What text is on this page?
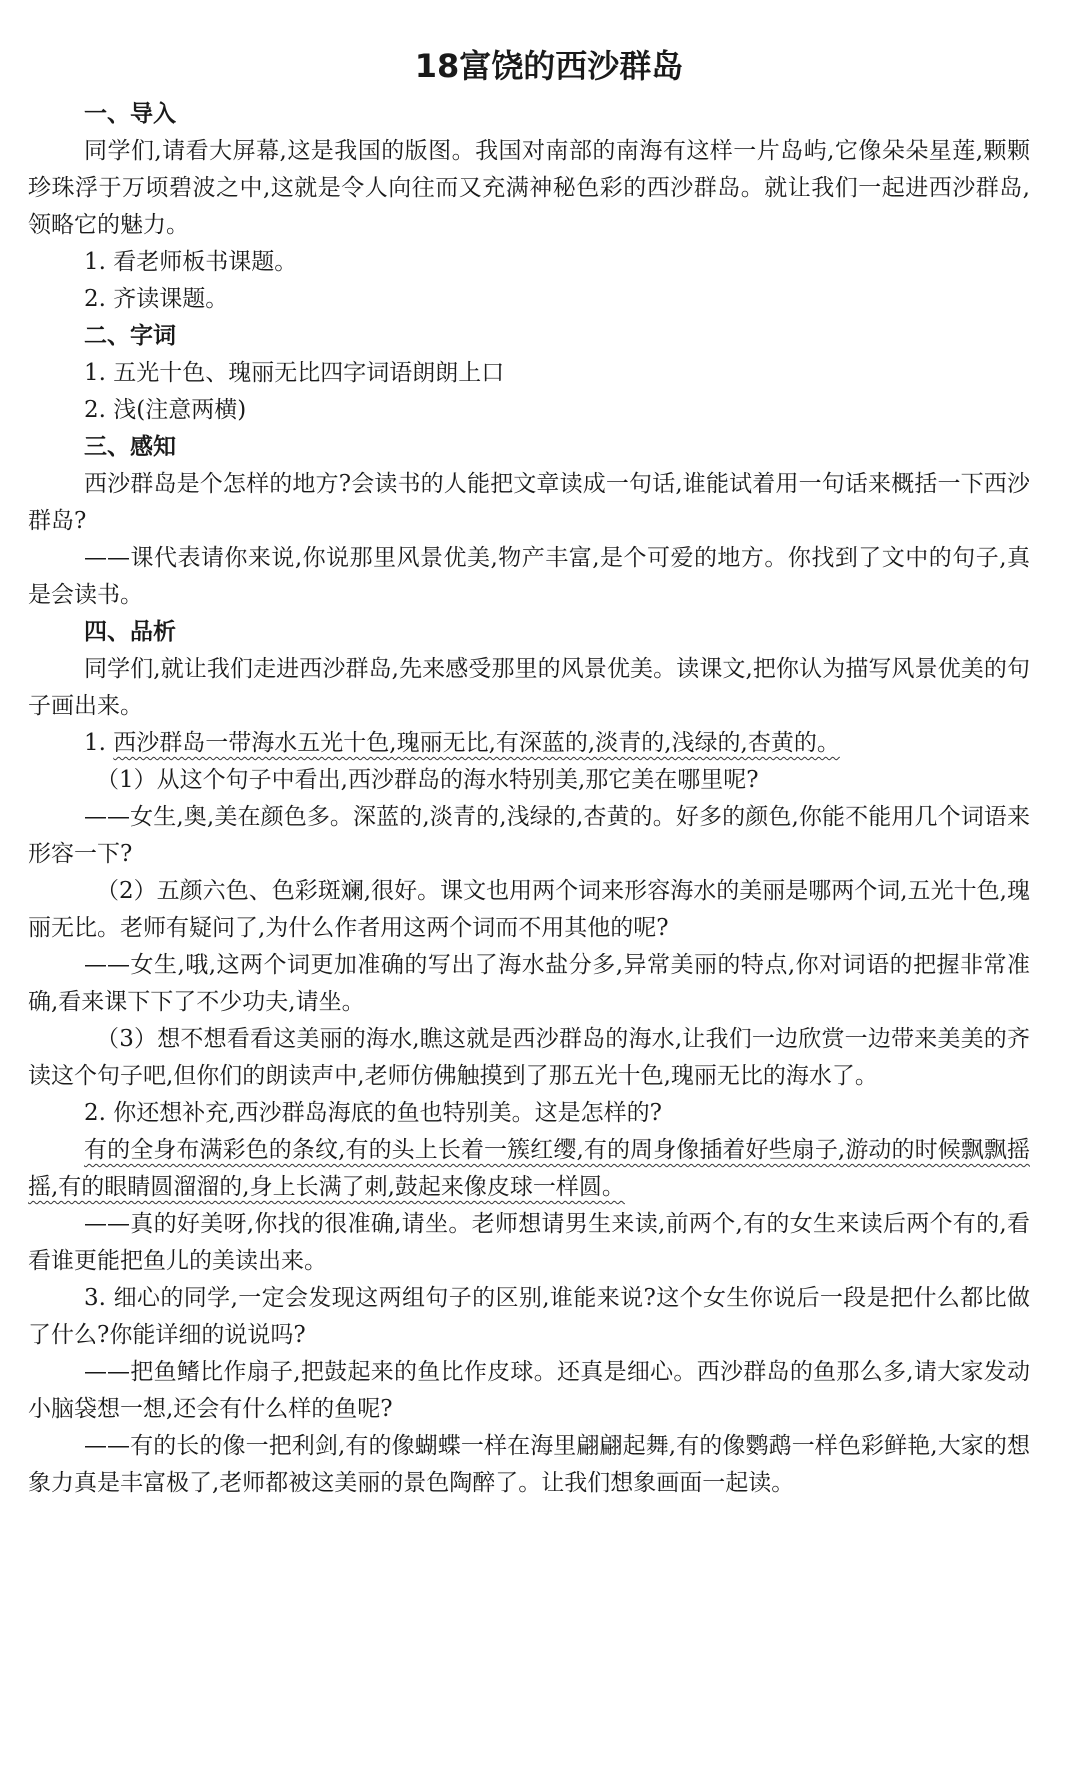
18富饶的西沙群岛
一、导入

同学们,请看大屏幕,这是我国的版图。我国对南部的南海有这样一片岛屿,它像朵朵星莲,颗颗珍珠浮于万顷碧波之中,这就是令人向往而又充满神秘色彩的西沙群岛。就让我们一起进西沙群岛,领略它的魅力。

1. 看老师板书课题。

2. 齐读课题。

二、字词

1. 五光十色、瑰丽无比四字词语朗朗上口

2. 浅(注意两横)

三、感知

西沙群岛是个怎样的地方?会读书的人能把文章读成一句话,谁能试着用一句话来概括一下西沙群岛?

——课代表请你来说,你说那里风景优美,物产丰富,是个可爱的地方。你找到了文中的句子,真是会读书。

四、品析

同学们,就让我们走进西沙群岛,先来感受那里的风景优美。读课文,把你认为描写风景优美的句子画出来。

1. 西沙群岛一带海水五光十色,瑰丽无比,有深蓝的,淡青的,浅绿的,杏黄的。

（1）从这个句子中看出,西沙群岛的海水特别美,那它美在哪里呢?

——女生,奥,美在颜色多。深蓝的,淡青的,浅绿的,杏黄的。好多的颜色,你能不能用几个词语来形容一下?

（2）五颜六色、色彩斑斓,很好。课文也用两个词来形容海水的美丽是哪两个词,五光十色,瑰丽无比。老师有疑问了,为什么作者用这两个词而不用其他的呢?

——女生,哦,这两个词更加准确的写出了海水盐分多,异常美丽的特点,你对词语的把握非常准确,看来课下下了不少功夫,请坐。

（3）想不想看看这美丽的海水,瞧这就是西沙群岛的海水,让我们一边欣赏一边带来美美的齐读这个句子吧,但你们的朗读声中,老师仿佛触摸到了那五光十色,瑰丽无比的海水了。

2. 你还想补充,西沙群岛海底的鱼也特别美。这是怎样的?

有的全身布满彩色的条纹,有的头上长着一簇红缨,有的周身像插着好些扇子,游动的时候飘飘摇摇,有的眼睛圆溜溜的,身上长满了刺,鼓起来像皮球一样圆。

——真的好美呀,你找的很准确,请坐。老师想请男生来读,前两个,有的女生来读后两个有的,看看谁更能把鱼儿的美读出来。

3. 细心的同学,一定会发现这两组句子的区别,谁能来说?这个女生你说后一段是把什么都比做了什么?你能详细的说说吗?

——把鱼鳍比作扇子,把鼓起来的鱼比作皮球。还真是细心。西沙群岛的鱼那么多,请大家发动小脑袋想一想,还会有什么样的鱼呢?

——有的长的像一把利剑,有的像蝴蝶一样在海里翩翩起舞,有的像鹦鹉一样色彩鲜艳,大家的想象力真是丰富极了,老师都被这美丽的景色陶醉了。让我们想象画面一起读。
